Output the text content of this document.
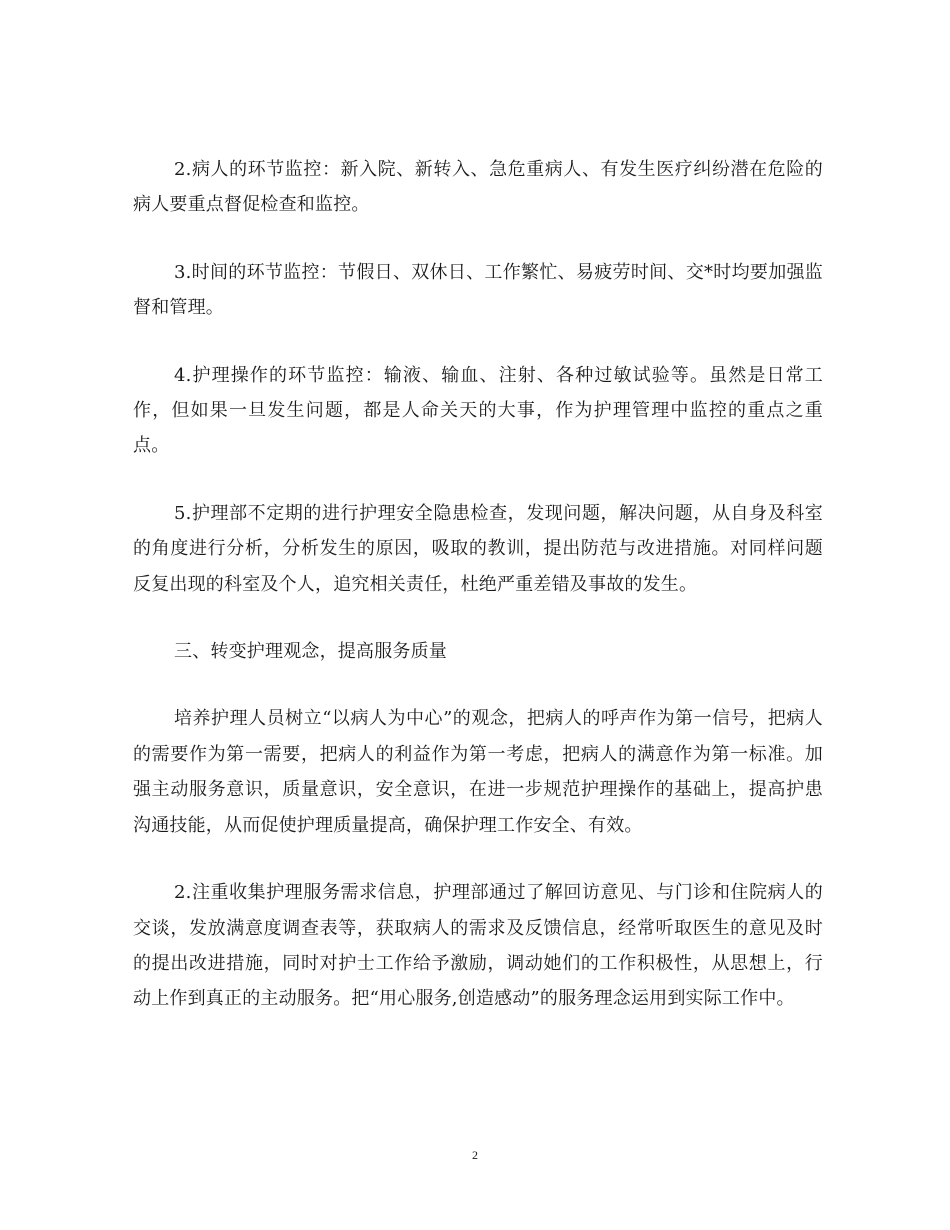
2.病人的环节监控：新入院、新转入、急危重病人、有发生医疗纠纷潜在危险的病人要重点督促检查和监控。

3.时间的环节监控：节假日、双休日、工作繁忙、易疲劳时间、交*时均要加强监督和管理。

4.护理操作的环节监控：输液、输血、注射、各种过敏试验等。虽然是日常工作，但如果一旦发生问题，都是人命关天的大事，作为护理管理中监控的重点之重点。

5.护理部不定期的进行护理安全隐患检查，发现问题，解决问题，从自身及科室的角度进行分析，分析发生的原因，吸取的教训，提出防范与改进措施。对同样问题反复出现的科室及个人，追究相关责任，杜绝严重差错及事故的发生。

三、转变护理观念，提高服务质量

培养护理人员树立“以病人为中心”的观念，把病人的呼声作为第一信号，把病人的需要作为第一需要，把病人的利益作为第一考虑，把病人的满意作为第一标准。加强主动服务意识，质量意识，安全意识，在进一步规范护理操作的基础上，提高护患沟通技能，从而促使护理质量提高，确保护理工作安全、有效。

2.注重收集护理服务需求信息，护理部通过了解回访意见、与门诊和住院病人的交谈，发放满意度调查表等，获取病人的需求及反馈信息，经常听取医生的意见及时的提出改进措施，同时对护士工作给予激励，调动她们的工作积极性，从思想上，行动上作到真正的主动服务。把“用心服务,创造感动”的服务理念运用到实际工作中。

2
